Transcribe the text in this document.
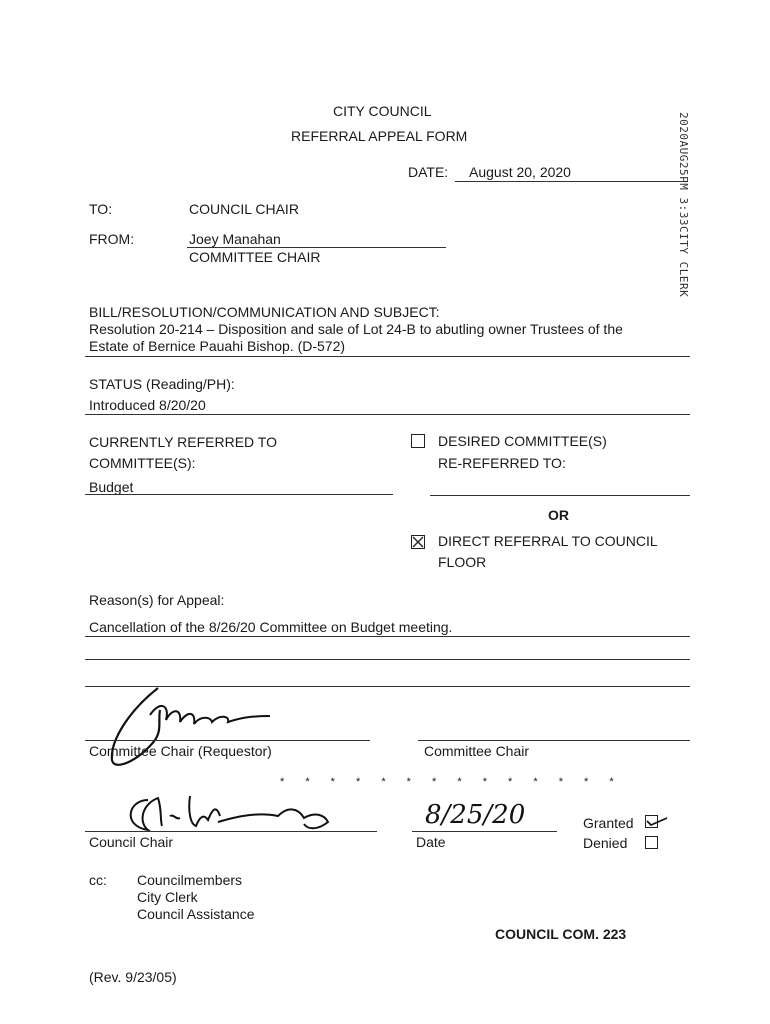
CITY COUNCIL
REFERRAL APPEAL FORM
DATE: August 20, 2020	2020AUG25PM 3:33CITY CLERK
TO:	COUNCIL CHAIR
FROM:	Joey Manahan
COMMITTEE CHAIR
BILL/RESOLUTION/COMMUNICATION AND SUBJECT:
Resolution 20-214 – Disposition and sale of Lot 24-B to abutling owner Trustees of the
Estate of Bernice Pauahi Bishop. (D-572)
STATUS (Reading/PH):
Introduced 8/20/20
CURRENTLY REFERRED TO
COMMITTEE(S):
Budget
DESIRED COMMITTEE(S)
RE-REFERRED TO:
OR
DIRECT REFERRAL TO COUNCIL
FLOOR
Reason(s) for Appeal:
Cancellation of the 8/26/20 Committee on Budget meeting.
Committee Chair (Requestor)	Committee Chair
* * * * * * * * * * * * * *
Council Chair
8/25/20
Date
Granted
Denied
cc: Councilmembers
City Clerk
Council Assistance
COUNCIL COM. 223
(Rev. 9/23/05)
